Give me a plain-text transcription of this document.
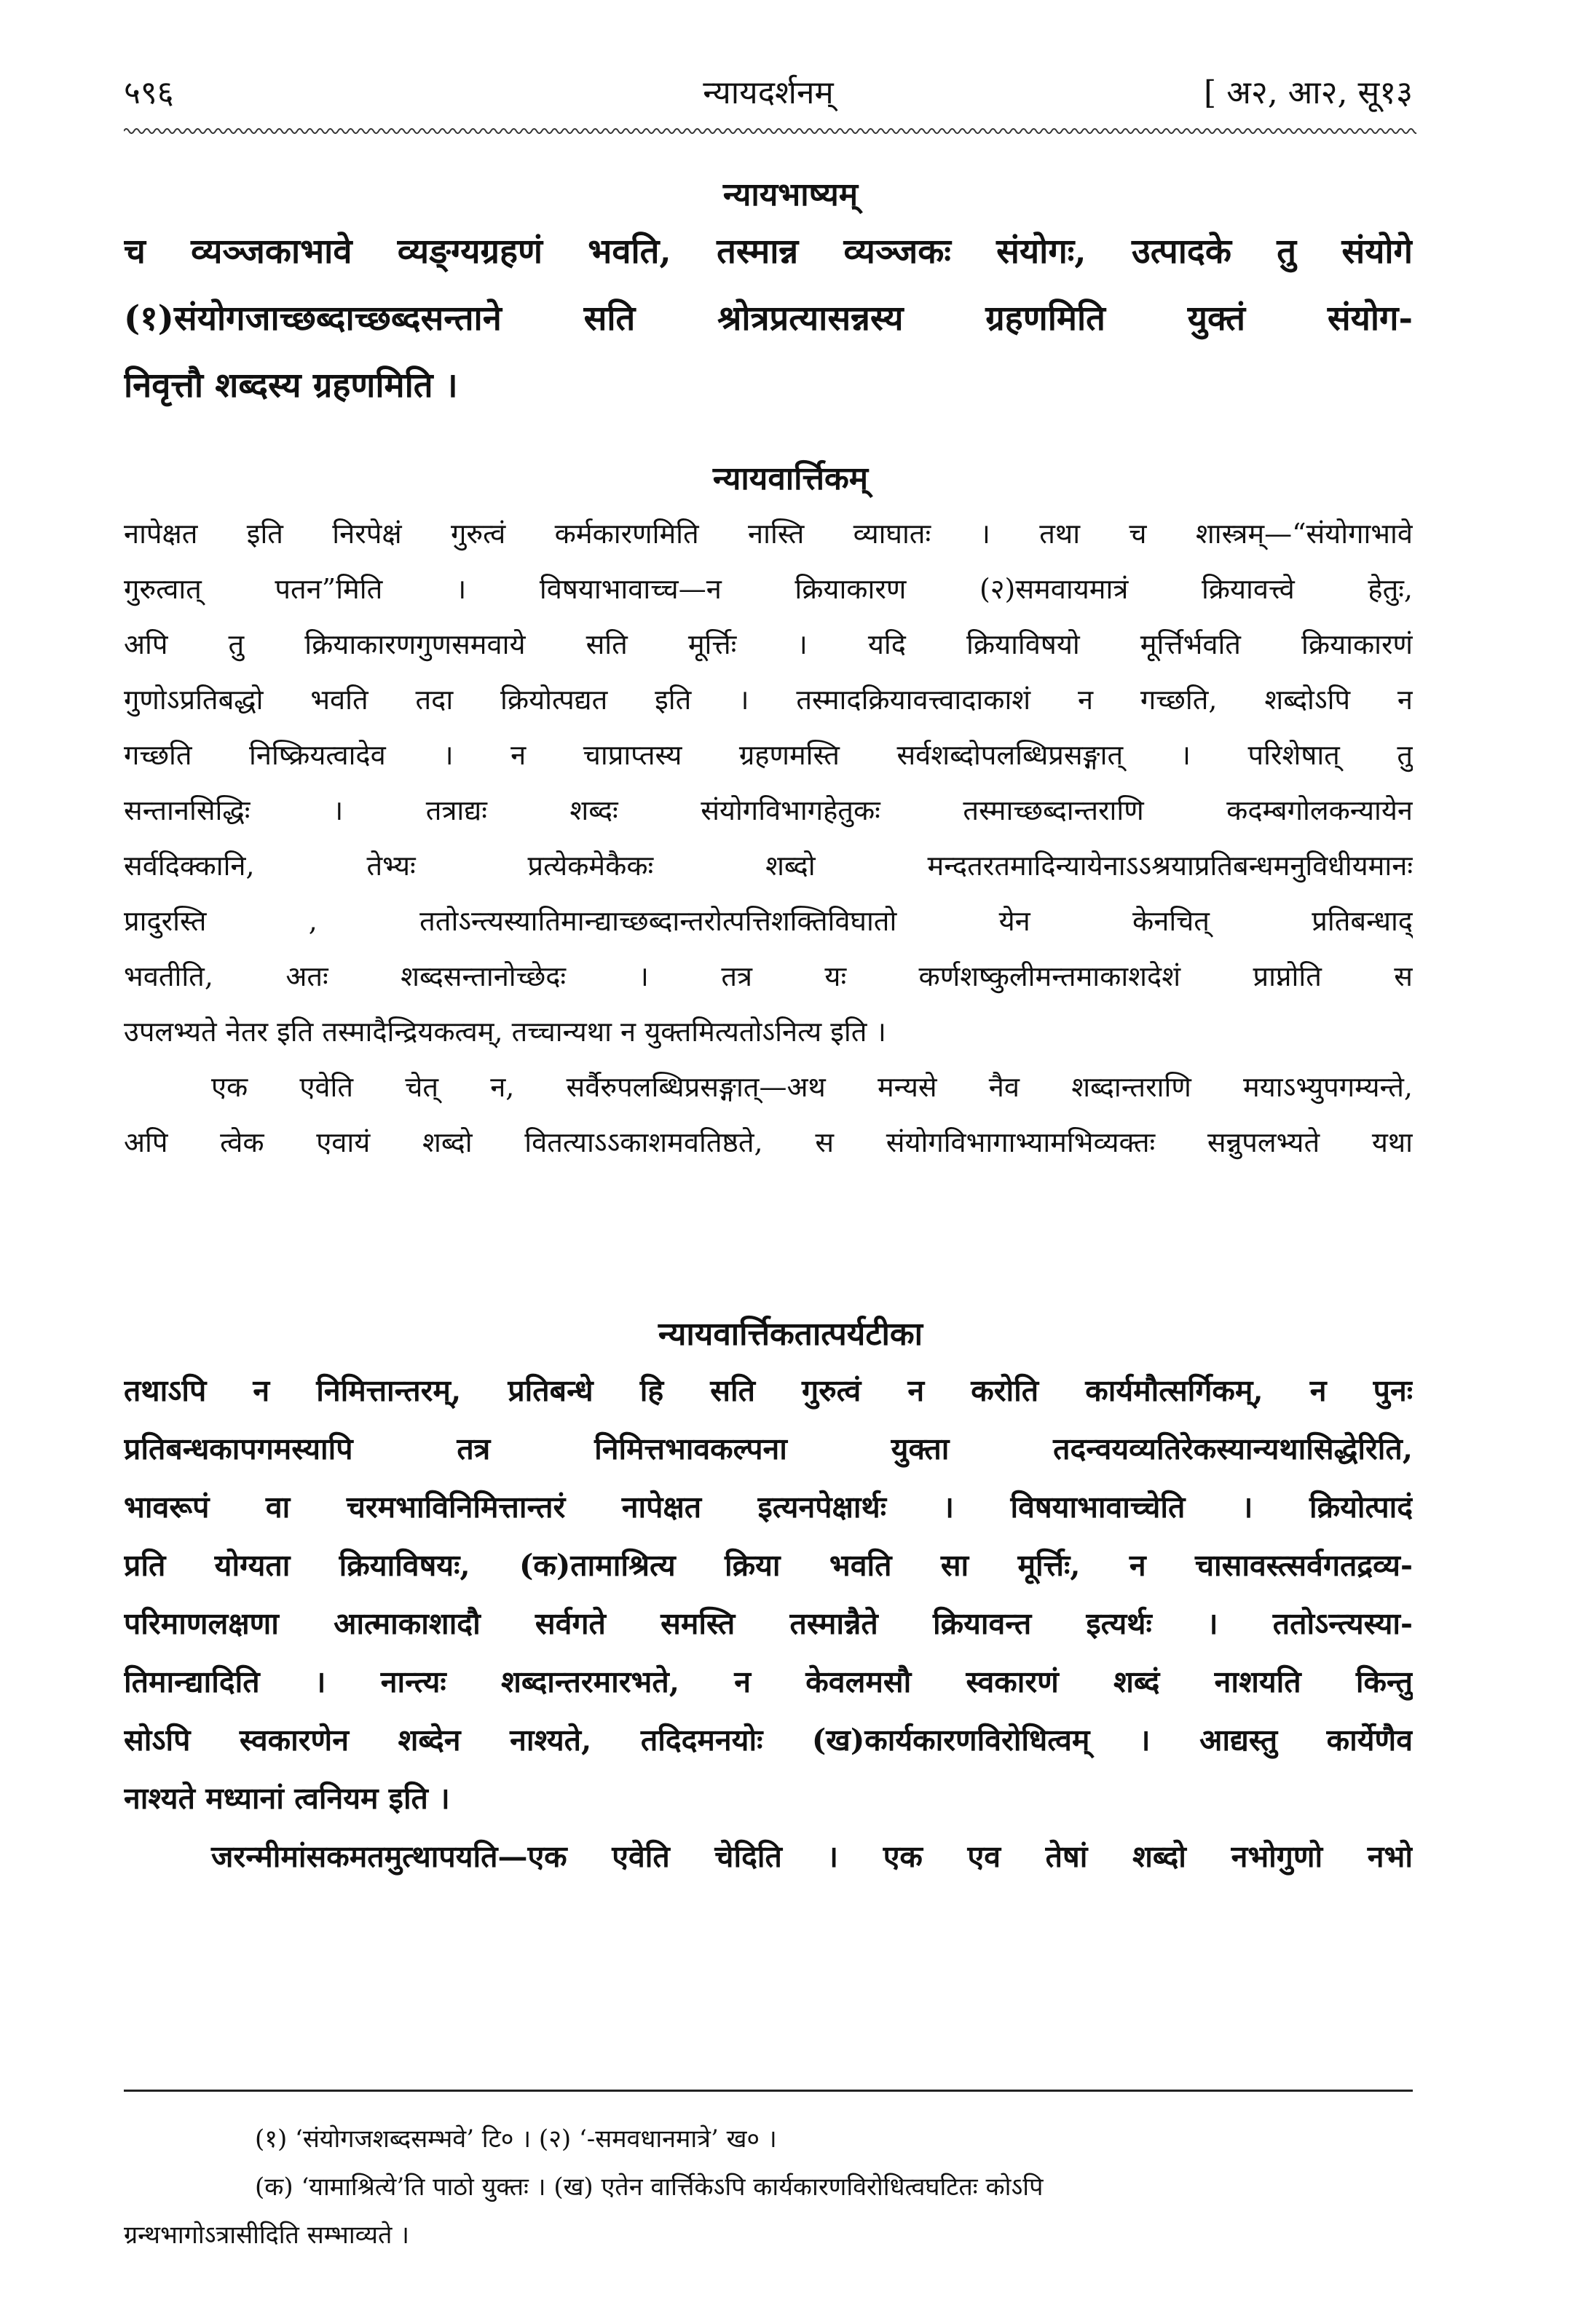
५९६	न्यायदर्शनम्	[ अ२, आ२, सू१३
न्यायभाष्यम्
च व्यञ्जकाभावे व्यङ्ग्यग्रहणं भवति, तस्मान्न व्यञ्जकः संयोगः, उत्पादके तु संयोगे
(१)संयोगजाच्छब्दाच्छब्दसन्ताने सति श्रोत्रप्रत्यासन्नस्य ग्रहणमिति युक्तं संयोग-
निवृत्तौ शब्दस्य ग्रहणमिति ।
न्यायवार्त्तिकम्
नापेक्षत इति निरपेक्षं गुरुत्वं कर्मकारणमिति नास्ति व्याघातः । तथा च शास्त्रम्—“संयोगाभावे
गुरुत्वात् पतन”मिति । विषयाभावाच्च—न क्रियाकारण (२)समवायमात्रं क्रियावत्त्वे हेतुः,
अपि तु क्रियाकारणगुणसमवाये सति मूर्त्तिः । यदि क्रियाविषयो मूर्त्तिर्भवति क्रियाकारणं
गुणोऽप्रतिबद्धो भवति तदा क्रियोत्पद्यत इति । तस्मादक्रियावत्त्वादाकाशं न गच्छति, शब्दोऽपि न
गच्छति निष्क्रियत्वादेव । न चाप्राप्तस्य ग्रहणमस्ति सर्वशब्दोपलब्धिप्रसङ्गात् । परिशेषात् तु
सन्तानसिद्धिः । तत्राद्यः शब्दः संयोगविभागहेतुकः तस्माच्छब्दान्तराणि कदम्बगोलकन्यायेन
सर्वदिक्कानि, तेभ्यः प्रत्येकमेकैकः शब्दो मन्दतरतमादिन्यायेनाऽऽश्रयाप्रतिबन्धमनुविधीयमानः
प्रादुरस्ति , ततोऽन्त्यस्यातिमान्द्याच्छब्दान्तरोत्पत्तिशक्तिविघातो येन केनचित् प्रतिबन्धाद्
भवतीति, अतः शब्दसन्तानोच्छेदः । तत्र यः कर्णशष्कुलीमन्तमाकाशदेशं प्राप्नोति स
उपलभ्यते नेतर इति तस्मादैन्द्रियकत्वम्, तच्चान्यथा न युक्तमित्यतोऽनित्य इति ।
एक एवेति चेत् न, सर्वैरुपलब्धिप्रसङ्गात्—अथ मन्यसे नैव शब्दान्तराणि मयाऽभ्युपगम्यन्ते,
अपि त्वेक एवायं शब्दो वितत्याऽऽकाशमवतिष्ठते, स संयोगविभागाभ्यामभिव्यक्तः सन्नुपलभ्यते यथा
न्यायवार्त्तिकतात्पर्यटीका
तथाऽपि न निमित्तान्तरम्, प्रतिबन्धे हि सति गुरुत्वं न करोति कार्यमौत्सर्गिकम्, न पुनः
प्रतिबन्धकापगमस्यापि तत्र निमित्तभावकल्पना युक्ता तदन्वयव्यतिरेकस्यान्यथासिद्धेरिति,
भावरूपं वा चरमभाविनिमित्तान्तरं नापेक्षत इत्यनपेक्षार्थः । विषयाभावाच्चेति । क्रियोत्पादं
प्रति योग्यता क्रियाविषयः, (क)तामाश्रित्य क्रिया भवति सा मूर्त्तिः, न चासावस्त्सर्वगतद्रव्य-
परिमाणलक्षणा आत्माकाशादौ सर्वगते समस्ति तस्मान्नैते क्रियावन्त इत्यर्थः । ततोऽन्त्यस्या-
तिमान्द्यादिति । नान्त्यः शब्दान्तरमारभते, न केवलमसौ स्वकारणं शब्दं नाशयति किन्तु
सोऽपि स्वकारणेन शब्देन नाश्यते, तदिदमनयोः (ख)कार्यकारणविरोधित्वम् । आद्यस्तु कार्येणैव
नाश्यते मध्यानां त्वनियम इति ।
जरन्मीमांसकमतमुत्थापयति—एक एवेति चेदिति । एक एव तेषां शब्दो नभोगुणो नभो
(१) ‘संयोगजशब्दसम्भवे’ टि० । (२) ‘-समवधानमात्रे’ ख० ।
(क) ‘यामाश्रित्ये’ति पाठो युक्तः । (ख) एतेन वार्त्तिकेऽपि कार्यकारणविरोधित्वघटितः कोऽपि
ग्रन्थभागोऽत्रासीदिति सम्भाव्यते ।
